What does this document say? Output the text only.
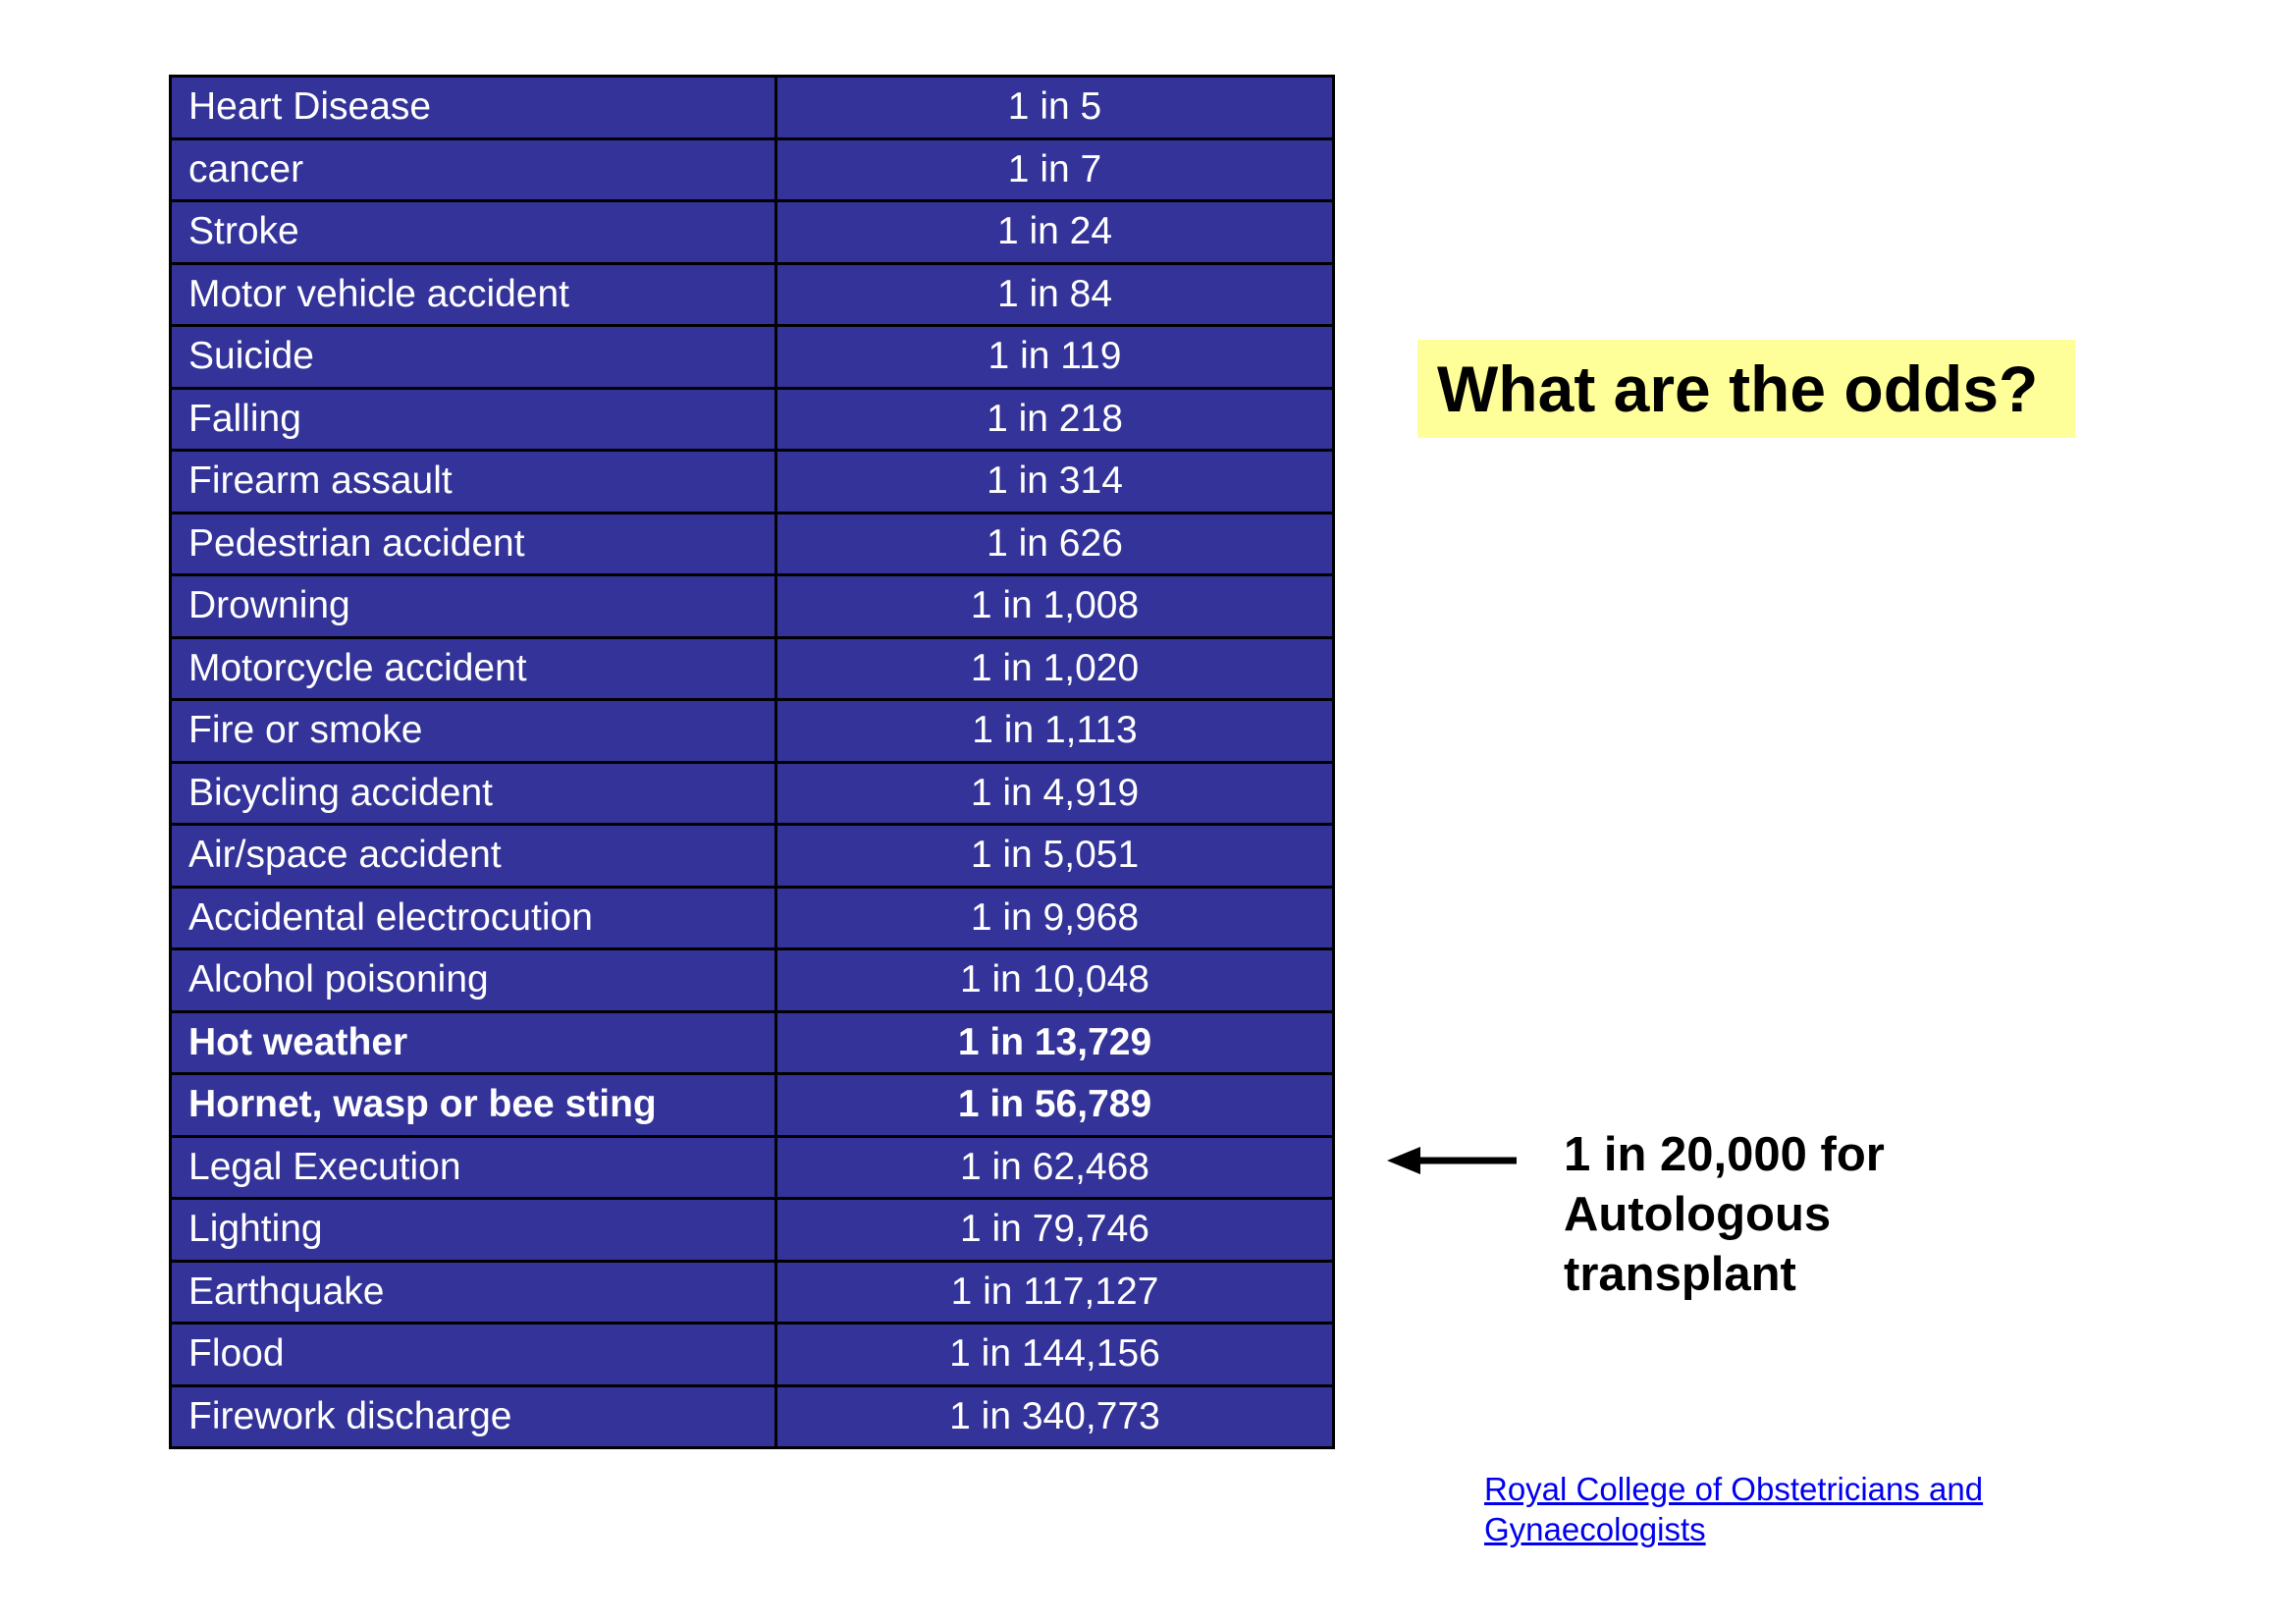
Heart Disease	1 in 5
cancer	1 in 7
Stroke	1 in 24
Motor vehicle accident	1 in 84
Suicide	1 in 119
Falling	1 in 218
Firearm assault	1 in 314
Pedestrian accident	1 in 626
Drowning	1 in 1,008
Motorcycle accident	1 in 1,020
Fire or smoke	1 in 1,113
Bicycling accident	1 in 4,919
Air/space accident	1 in 5,051
Accidental electrocution	1 in 9,968
Alcohol poisoning	1 in 10,048
Hot weather	1 in 13,729
Hornet, wasp or bee sting	1 in 56,789
Legal Execution	1 in 62,468
Lighting	1 in 79,746
Earthquake	1 in 117,127
Flood	1 in 144,156
Firework discharge	1 in 340,773
What are the odds?
1 in 20,000 for
Autologous
transplant
Royal College of Obstetricians and
Gynaecologists
